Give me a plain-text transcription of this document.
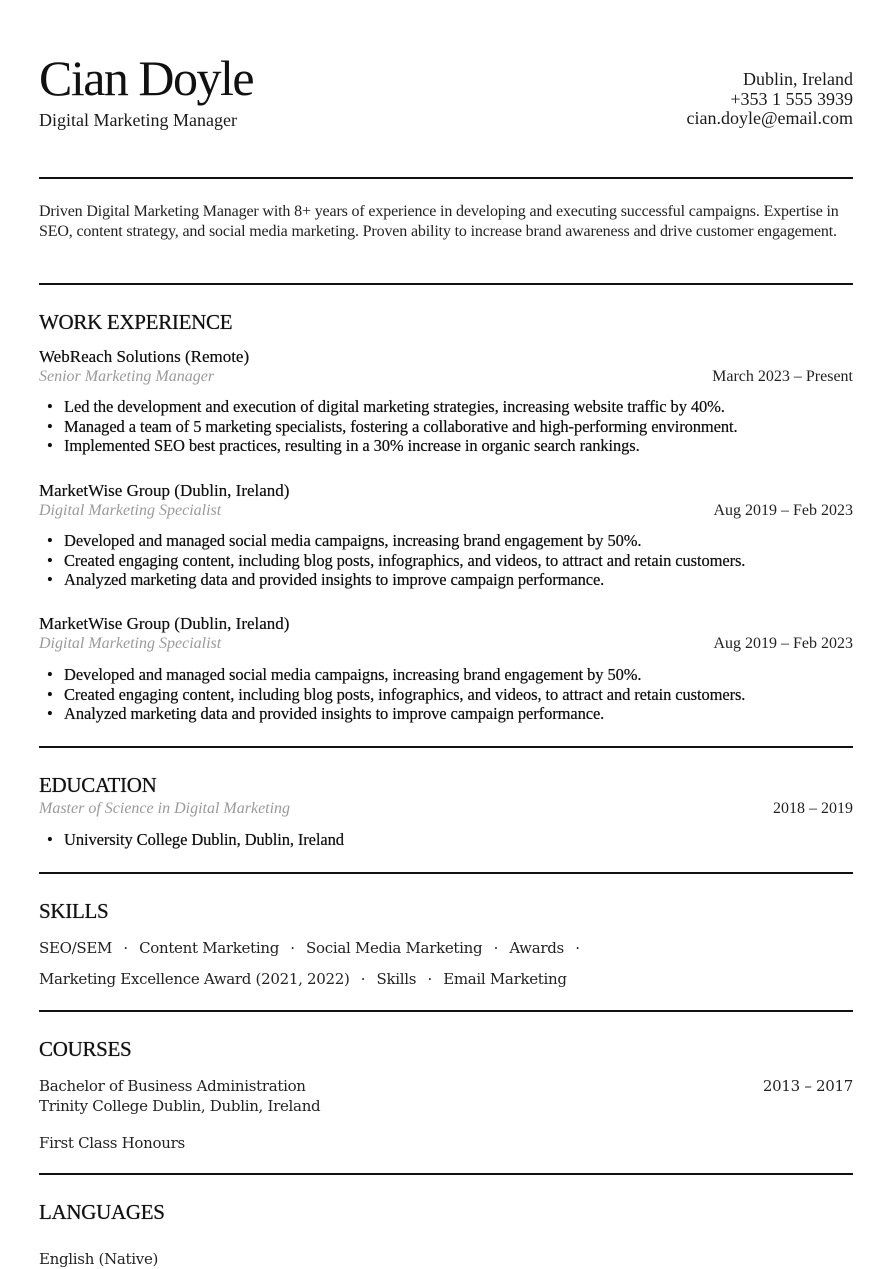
Cian Doyle
Digital Marketing Manager
Dublin, Ireland
+353 1 555 3939
cian.doyle@email.com
Driven Digital Marketing Manager with 8+ years of experience in developing and executing successful campaigns. Expertise in SEO, content strategy, and social media marketing. Proven ability to increase brand awareness and drive customer engagement.
WORK EXPERIENCE
WebReach Solutions (Remote)
Senior Marketing Manager	March 2023 – Present
• Led the development and execution of digital marketing strategies, increasing website traffic by 40%.
• Managed a team of 5 marketing specialists, fostering a collaborative and high-performing environment.
• Implemented SEO best practices, resulting in a 30% increase in organic search rankings.
MarketWise Group (Dublin, Ireland)
Digital Marketing Specialist	Aug 2019 – Feb 2023
• Developed and managed social media campaigns, increasing brand engagement by 50%.
• Created engaging content, including blog posts, infographics, and videos, to attract and retain customers.
• Analyzed marketing data and provided insights to improve campaign performance.
MarketWise Group (Dublin, Ireland)
Digital Marketing Specialist	Aug 2019 – Feb 2023
• Developed and managed social media campaigns, increasing brand engagement by 50%.
• Created engaging content, including blog posts, infographics, and videos, to attract and retain customers.
• Analyzed marketing data and provided insights to improve campaign performance.
EDUCATION
Master of Science in Digital Marketing	2018 – 2019
• University College Dublin, Dublin, Ireland
SKILLS
SEO/SEM · Content Marketing · Social Media Marketing · Awards ·
Marketing Excellence Award (2021, 2022) · Skills · Email Marketing
COURSES
Bachelor of Business Administration	2013 – 2017
Trinity College Dublin, Dublin, Ireland
First Class Honours
LANGUAGES
English (Native)
